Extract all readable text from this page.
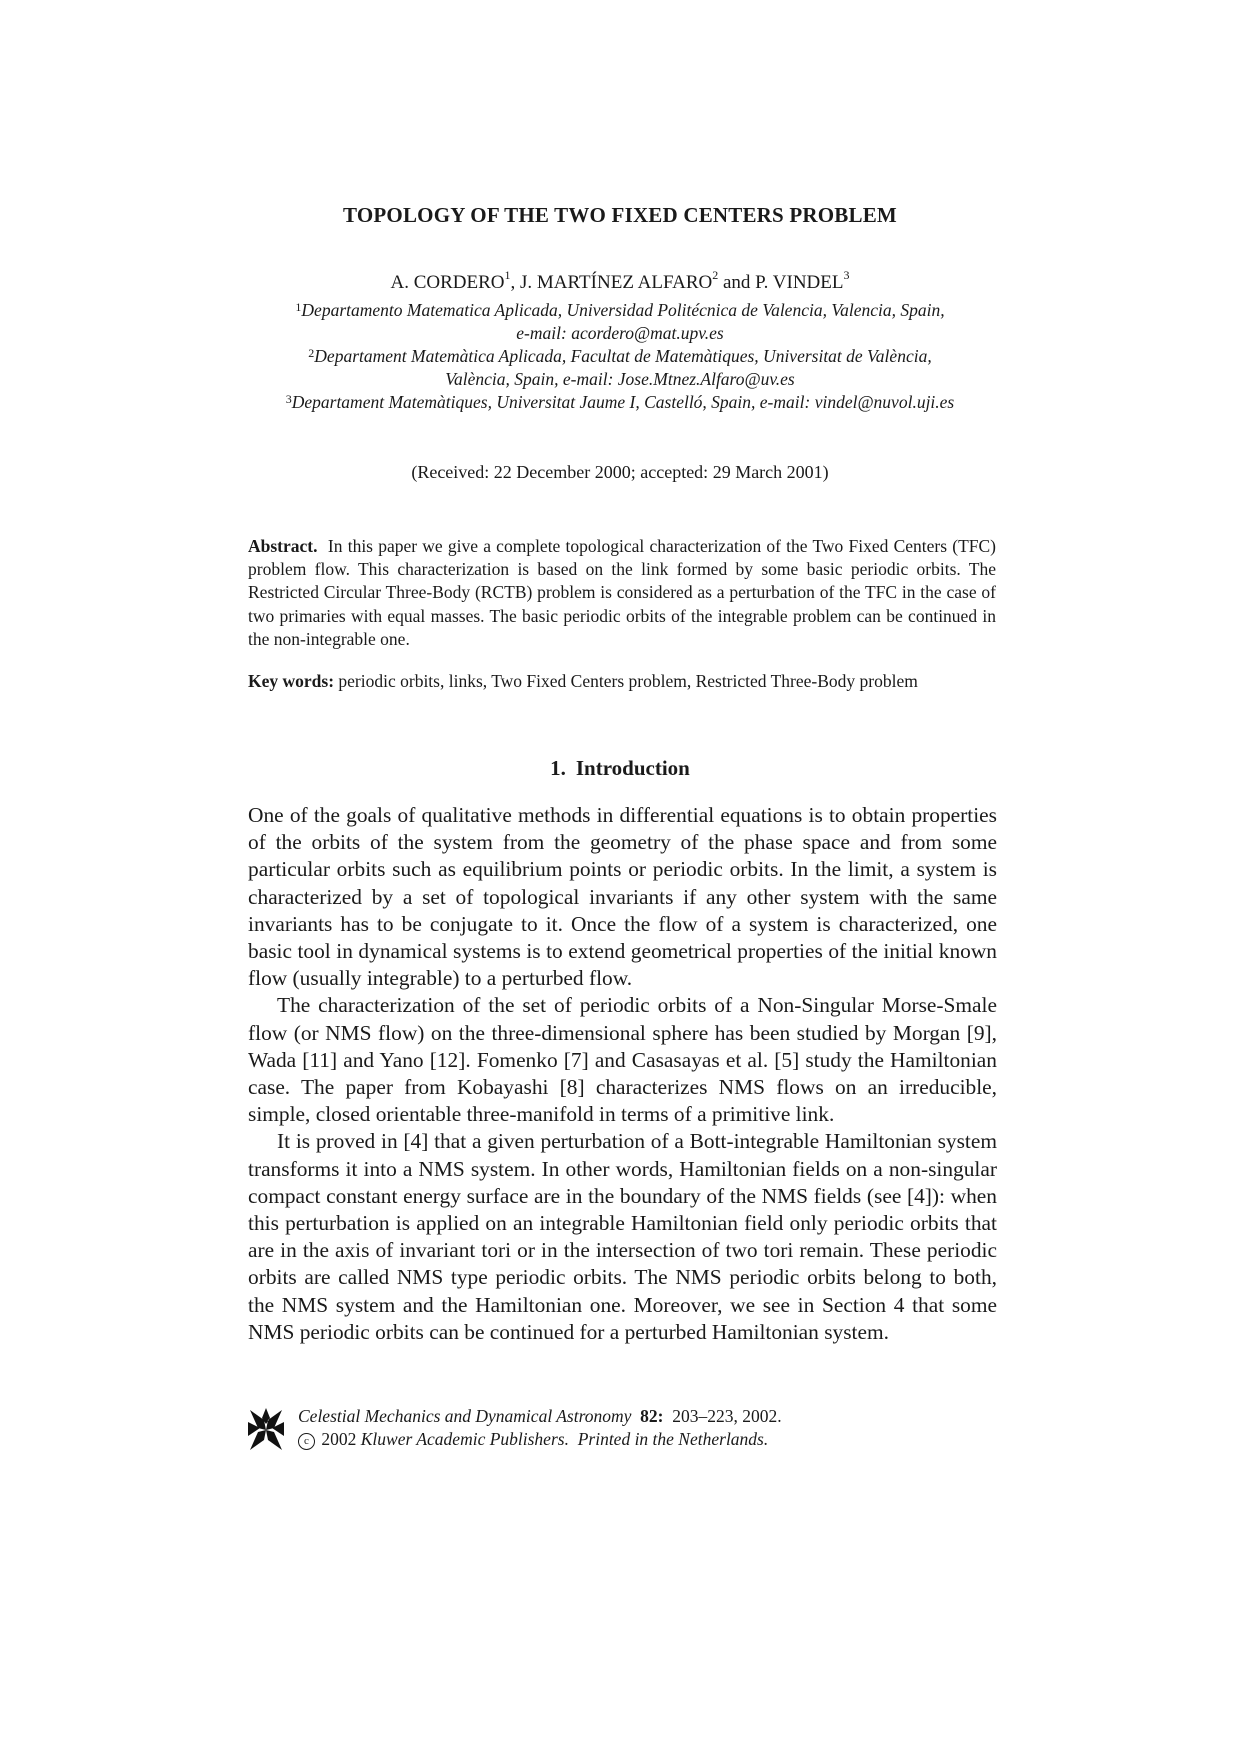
TOPOLOGY OF THE TWO FIXED CENTERS PROBLEM
A. CORDERO$^1$, J. MARTÍNEZ ALFARO$^2$ and P. VINDEL$^3$
$^1$Departamento Matematica Aplicada, Universidad Politécnica de Valencia, Valencia, Spain,
e-mail: acordero@mat.upv.es
$^2$Departament Matemàtica Aplicada, Facultat de Matemàtiques, Universitat de València,
València, Spain, e-mail: Jose.Mtnez.Alfaro@uv.es
$^3$Departament Matemàtiques, Universitat Jaume I, Castelló, Spain, e-mail: vindel@nuvol.uji.es
(Received: 22 December 2000; accepted: 29 March 2001)
Abstract. In this paper we give a complete topological characterization of the Two Fixed Centers (TFC) problem flow. This characterization is based on the link formed by some basic periodic orbits. The Restricted Circular Three-Body (RCTB) problem is considered as a perturbation of the TFC in the case of two primaries with equal masses. The basic periodic orbits of the integrable problem can be continued in the non-integrable one.
Key words: periodic orbits, links, Two Fixed Centers problem, Restricted Three-Body problem
1. Introduction

One of the goals of qualitative methods in differential equations is to obtain properties of the orbits of the system from the geometry of the phase space and from some particular orbits such as equilibrium points or periodic orbits. In the limit, a system is characterized by a set of topological invariants if any other system with the same invariants has to be conjugate to it. Once the flow of a system is characterized, one basic tool in dynamical systems is to extend geometrical properties of the initial known flow (usually integrable) to a perturbed flow.

The characterization of the set of periodic orbits of a Non-Singular Morse-Smale flow (or NMS flow) on the three-dimensional sphere has been studied by Morgan [9], Wada [11] and Yano [12]. Fomenko [7] and Casasayas et al. [5] study the Hamiltonian case. The paper from Kobayashi [8] characterizes NMS flows on an irreducible, simple, closed orientable three-manifold in terms of a primitive link.

It is proved in [4] that a given perturbation of a Bott-integrable Hamiltonian system transforms it into a NMS system. In other words, Hamiltonian fields on a non-singular compact constant energy surface are in the boundary of the NMS fields (see [4]): when this perturbation is applied on an integrable Hamiltonian field only periodic orbits that are in the axis of invariant tori or in the intersection of two tori remain. These periodic orbits are called NMS type periodic orbits. The NMS periodic orbits belong to both, the NMS system and the Hamiltonian one. Moreover, we see in Section 4 that some NMS periodic orbits can be continued for a perturbed Hamiltonian system.

Celestial Mechanics and Dynamical Astronomy 82: 203–223, 2002.
c 2002 Kluwer Academic Publishers. Printed in the Netherlands.
